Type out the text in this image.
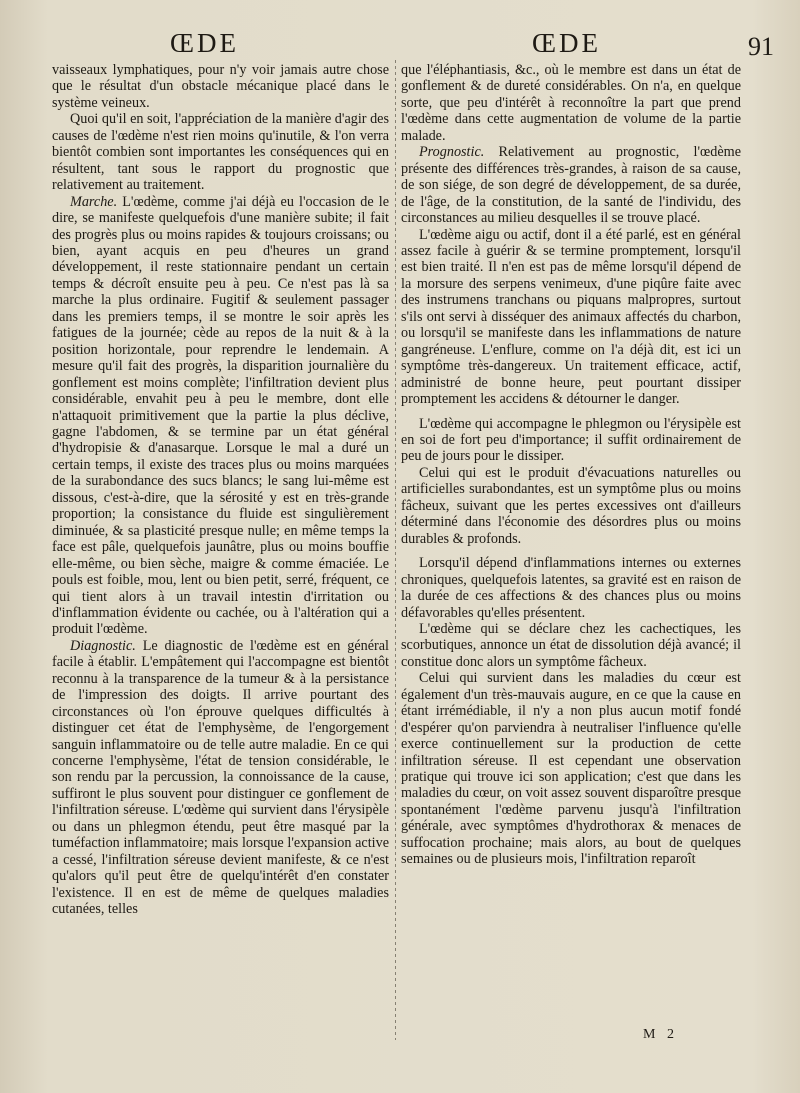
ŒDE	ŒDE	91

vaisseaux lymphatiques, pour n'y voir jamais autre chose que le résultat d'un obstacle mécanique placé dans le système veineux.

Quoi qu'il en soit, l'appréciation de la manière d'agir des causes de l'œdème n'est rien moins qu'inutile, & l'on verra bientôt combien sont importantes les conséquences qui en résultent, tant sous le rapport du prognostic que relativement au traitement.

Marche. L'œdème, comme j'ai déjà eu l'occasion de le dire, se manifeste quelquefois d'une manière subite; il fait des progrès plus ou moins rapides & toujours croissans; ou bien, ayant acquis en peu d'heures un grand développement, il reste stationnaire pendant un certain temps & décroît ensuite peu à peu. Ce n'est pas là sa marche la plus ordinaire. Fugitif & seulement passager dans les premiers temps, il se montre le soir après les fatigues de la journée; cède au repos de la nuit & à la position horizontale, pour reprendre le lendemain. A mesure qu'il fait des progrès, la disparition journalière du gonflement est moins complète; l'infiltration devient plus considérable, envahit peu à peu le membre, dont elle n'attaquoit primitivement que la partie la plus déclive, gagne l'abdomen, & se termine par un état général d'hydropisie & d'anasarque. Lorsque le mal a duré un certain temps, il existe des traces plus ou moins marquées de la surabondance des sucs blancs; le sang lui-même est dissous, c'est-à-dire, que la sérosité y est en très-grande proportion; la consistance du fluide est singulièrement diminuée, & sa plasticité presque nulle; en même temps la face est pâle, quelquefois jaunâtre, plus ou moins bouffie elle-même, ou bien sèche, maigre & comme émaciée. Le pouls est foible, mou, lent ou bien petit, serré, fréquent, ce qui tient alors à un travail intestin d'irritation ou d'inflammation évidente ou cachée, ou à l'altération qui a produit l'œdème.

Diagnostic. Le diagnostic de l'œdème est en général facile à établir. L'empâtement qui l'accompagne est bientôt reconnu à la transparence de la tumeur & à la persistance de l'impression des doigts. Il arrive pourtant des circonstances où l'on éprouve quelques difficultés à distinguer cet état de l'emphysème, de l'engorgement sanguin inflammatoire ou de telle autre maladie. En ce qui concerne l'emphysème, l'état de tension considérable, le son rendu par la percussion, la connoissance de la cause, suffiront le plus souvent pour distinguer ce gonflement de l'infiltration séreuse. L'œdème qui survient dans l'érysipèle ou dans un phlegmon étendu, peut être masqué par la tuméfaction inflammatoire; mais lorsque l'expansion active a cessé, l'infiltration séreuse devient manifeste, & ce n'est qu'alors qu'il peut être de quelqu'intérêt d'en constater l'existence. Il en est de même de quelques maladies cutanées, telles

que l'éléphantiasis, &c., où le membre est dans un état de gonflement & de dureté considérables. On n'a, en quelque sorte, que peu d'intérêt à reconnoître la part que prend l'œdème dans cette augmentation de volume de la partie malade.

Prognostic. Relativement au prognostic, l'œdème présente des différences très-grandes, à raison de sa cause, de son siége, de son degré de développement, de sa durée, de l'âge, de la constitution, de la santé de l'individu, des circonstances au milieu desquelles il se trouve placé.

L'œdème aigu ou actif, dont il a été parlé, est en général assez facile à guérir & se termine promptement, lorsqu'il est bien traité. Il n'en est pas de même lorsqu'il dépend de la morsure des serpens venimeux, d'une piqûre faite avec des instrumens tranchans ou piquans malpropres, surtout s'ils ont servi à disséquer des animaux affectés du charbon, ou lorsqu'il se manifeste dans les inflammations de nature gangréneuse. L'enflure, comme on l'a déjà dit, est ici un symptôme très-dangereux. Un traitement efficace, actif, administré de bonne heure, peut pourtant dissiper promptement les accidens & détourner le danger.

L'œdème qui accompagne le phlegmon ou l'érysipèle est en soi de fort peu d'importance; il suffit ordinairement de peu de jours pour le dissiper.

Celui qui est le produit d'évacuations naturelles ou artificielles surabondantes, est un symptôme plus ou moins fâcheux, suivant que les pertes excessives ont d'ailleurs déterminé dans l'économie des désordres plus ou moins durables & profonds.

Lorsqu'il dépend d'inflammations internes ou externes chroniques, quelquefois latentes, sa gravité est en raison de la durée de ces affections & des chances plus ou moins défavorables qu'elles présentent.

L'œdème qui se déclare chez les cachectiques, les scorbutiques, annonce un état de dissolution déjà avancé; il constitue donc alors un symptôme fâcheux.

Celui qui survient dans les maladies du cœur est également d'un très-mauvais augure, en ce que la cause en étant irrémédiable, il n'y a non plus aucun motif fondé d'espérer qu'on parviendra à neutraliser l'influence qu'elle exerce continuellement sur la production de cette infiltration séreuse. Il est cependant une observation pratique qui trouve ici son application; c'est que dans les maladies du cœur, on voit assez souvent disparoître presque spontanément l'œdème parvenu jusqu'à l'infiltration générale, avec symptômes d'hydrothorax & menaces de suffocation prochaine; mais alors, au bout de quelques semaines ou de plusieurs mois, l'infiltration reparoît

M 2
